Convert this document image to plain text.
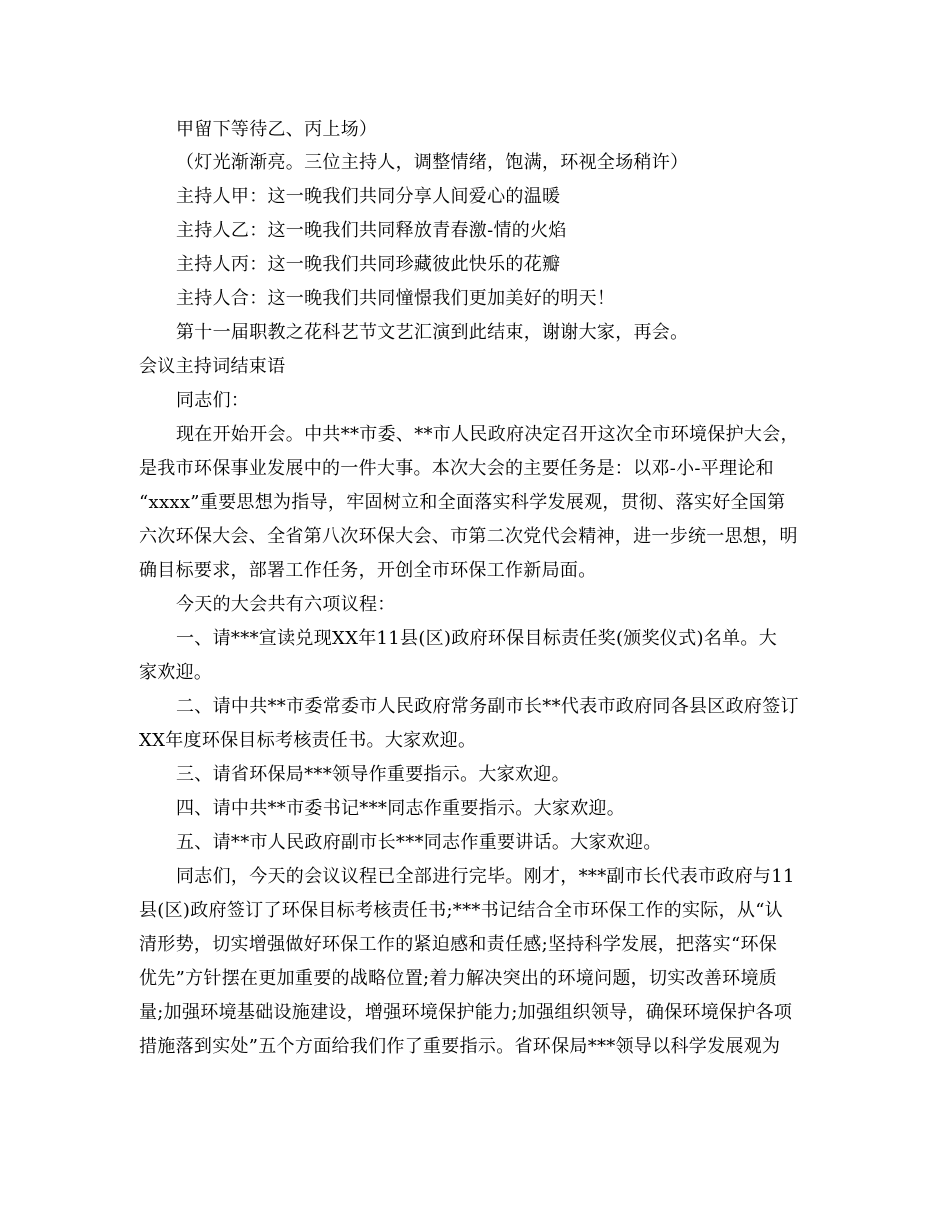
甲留下等待乙、丙上场）
（灯光渐渐亮。三位主持人，调整情绪，饱满，环视全场稍许）
主持人甲：这一晚我们共同分享人间爱心的温暖
主持人乙：这一晚我们共同释放青春激-情的火焰
主持人丙：这一晚我们共同珍藏彼此快乐的花瓣
主持人合：这一晚我们共同憧憬我们更加美好的明天！
第十一届职教之花科艺节文艺汇演到此结束，谢谢大家，再会。
会议主持词结束语
同志们：
现在开始开会。中共**市委、**市人民政府决定召开这次全市环境保护大会，
是我市环保事业发展中的一件大事。本次大会的主要任务是：以邓-小-平理论和
“xxxx”重要思想为指导，牢固树立和全面落实科学发展观，贯彻、落实好全国第
六次环保大会、全省第八次环保大会、市第二次党代会精神，进一步统一思想，明
确目标要求，部署工作任务，开创全市环保工作新局面。
今天的大会共有六项议程：
一、请***宣读兑现XX年11县(区)政府环保目标责任奖(颁奖仪式)名单。大
家欢迎。
二、请中共**市委常委市人民政府常务副市长**代表市政府同各县区政府签订
XX年度环保目标考核责任书。大家欢迎。
三、请省环保局***领导作重要指示。大家欢迎。
四、请中共**市委书记***同志作重要指示。大家欢迎。
五、请**市人民政府副市长***同志作重要讲话。大家欢迎。
同志们，今天的会议议程已全部进行完毕。刚才，***副市长代表市政府与11
县(区)政府签订了环保目标考核责任书;***书记结合全市环保工作的实际，从“认
清形势，切实增强做好环保工作的紧迫感和责任感;坚持科学发展，把落实“环保
优先”方针摆在更加重要的战略位置;着力解决突出的环境问题，切实改善环境质
量;加强环境基础设施建设，增强环境保护能力;加强组织领导，确保环境保护各项
措施落到实处”五个方面给我们作了重要指示。省环保局***领导以科学发展观为
